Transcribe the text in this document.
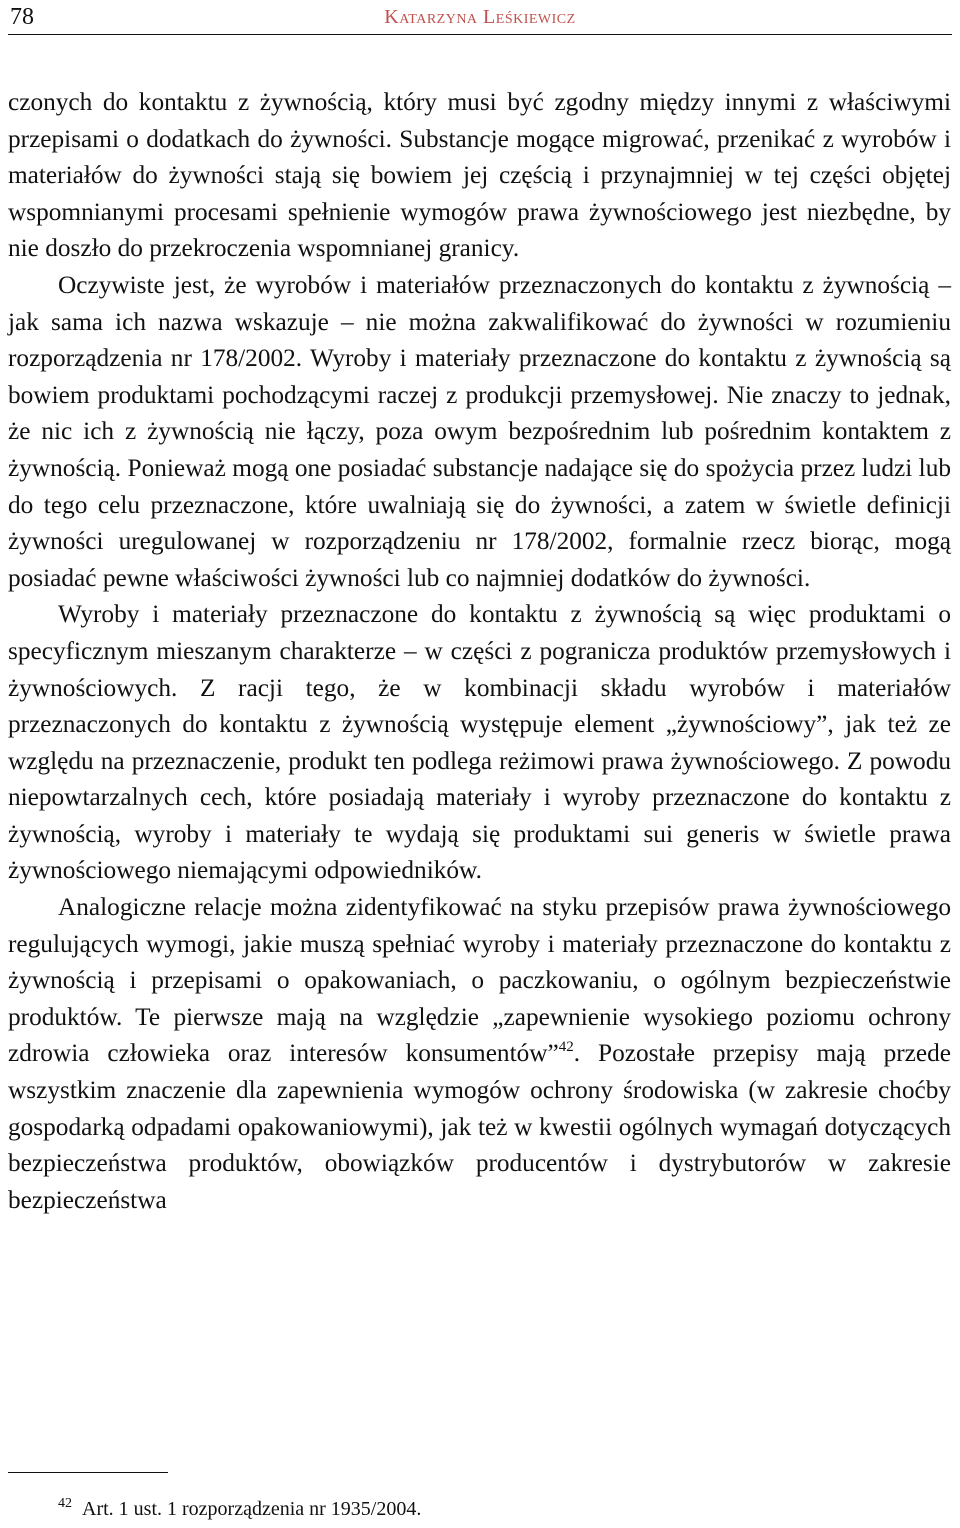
78	Katarzyna Leśkiewicz

czonych do kontaktu z żywnością, który musi być zgodny między innymi z właściwymi przepisami o dodatkach do żywności. Substancje mogące migrować, przenikać z wyrobów i materiałów do żywności stają się bowiem jej częścią i przynajmniej w tej części objętej wspomnianymi procesami spełnienie wymogów prawa żywnościowego jest niezbędne, by nie doszło do przekroczenia wspomnianej granicy.

Oczywiste jest, że wyrobów i materiałów przeznaczonych do kontaktu z żywnością – jak sama ich nazwa wskazuje – nie można zakwalifikować do żywności w rozumieniu rozporządzenia nr 178/2002. Wyroby i materiały przeznaczone do kontaktu z żywnością są bowiem produktami pochodzącymi raczej z produkcji przemysłowej. Nie znaczy to jednak, że nic ich z żywnością nie łączy, poza owym bezpośrednim lub pośrednim kontaktem z żywnością. Ponieważ mogą one posiadać substancje nadające się do spożycia przez ludzi lub do tego celu przeznaczone, które uwalniają się do żywności, a zatem w świetle definicji żywności uregulowanej w rozporządzeniu nr 178/2002, formalnie rzecz biorąc, mogą posiadać pewne właściwości żywności lub co najmniej dodatków do żywności.

Wyroby i materiały przeznaczone do kontaktu z żywnością są więc produktami o specyficznym mieszanym charakterze – w części z pogranicza produktów przemysłowych i żywnościowych. Z racji tego, że w kombinacji składu wyrobów i materiałów przeznaczonych do kontaktu z żywnością występuje element „żywnościowy”, jak też ze względu na przeznaczenie, produkt ten podlega reżimowi prawa żywnościowego. Z powodu niepowtarzalnych cech, które posiadają materiały i wyroby przeznaczone do kontaktu z żywnością, wyroby i materiały te wydają się produktami sui generis w świetle prawa żywnościowego niemającymi odpowiedników.

Analogiczne relacje można zidentyfikować na styku przepisów prawa żywnościowego regulujących wymogi, jakie muszą spełniać wyroby i materiały przeznaczone do kontaktu z żywnością i przepisami o opakowaniach, o paczkowaniu, o ogólnym bezpieczeństwie produktów. Te pierwsze mają na względzie „zapewnienie wysokiego poziomu ochrony zdrowia człowieka oraz interesów konsumentów”$^{42}$. Pozostałe przepisy mają przede wszystkim znaczenie dla zapewnienia wymogów ochrony środowiska (w zakresie choćby gospodarką odpadami opakowaniowymi), jak też w kwestii ogólnych wymagań dotyczących bezpieczeństwa produktów, obowiązków producentów i dystrybutorów w zakresie bezpieczeństwa

$^{42}$ Art. 1 ust. 1 rozporządzenia nr 1935/2004.
